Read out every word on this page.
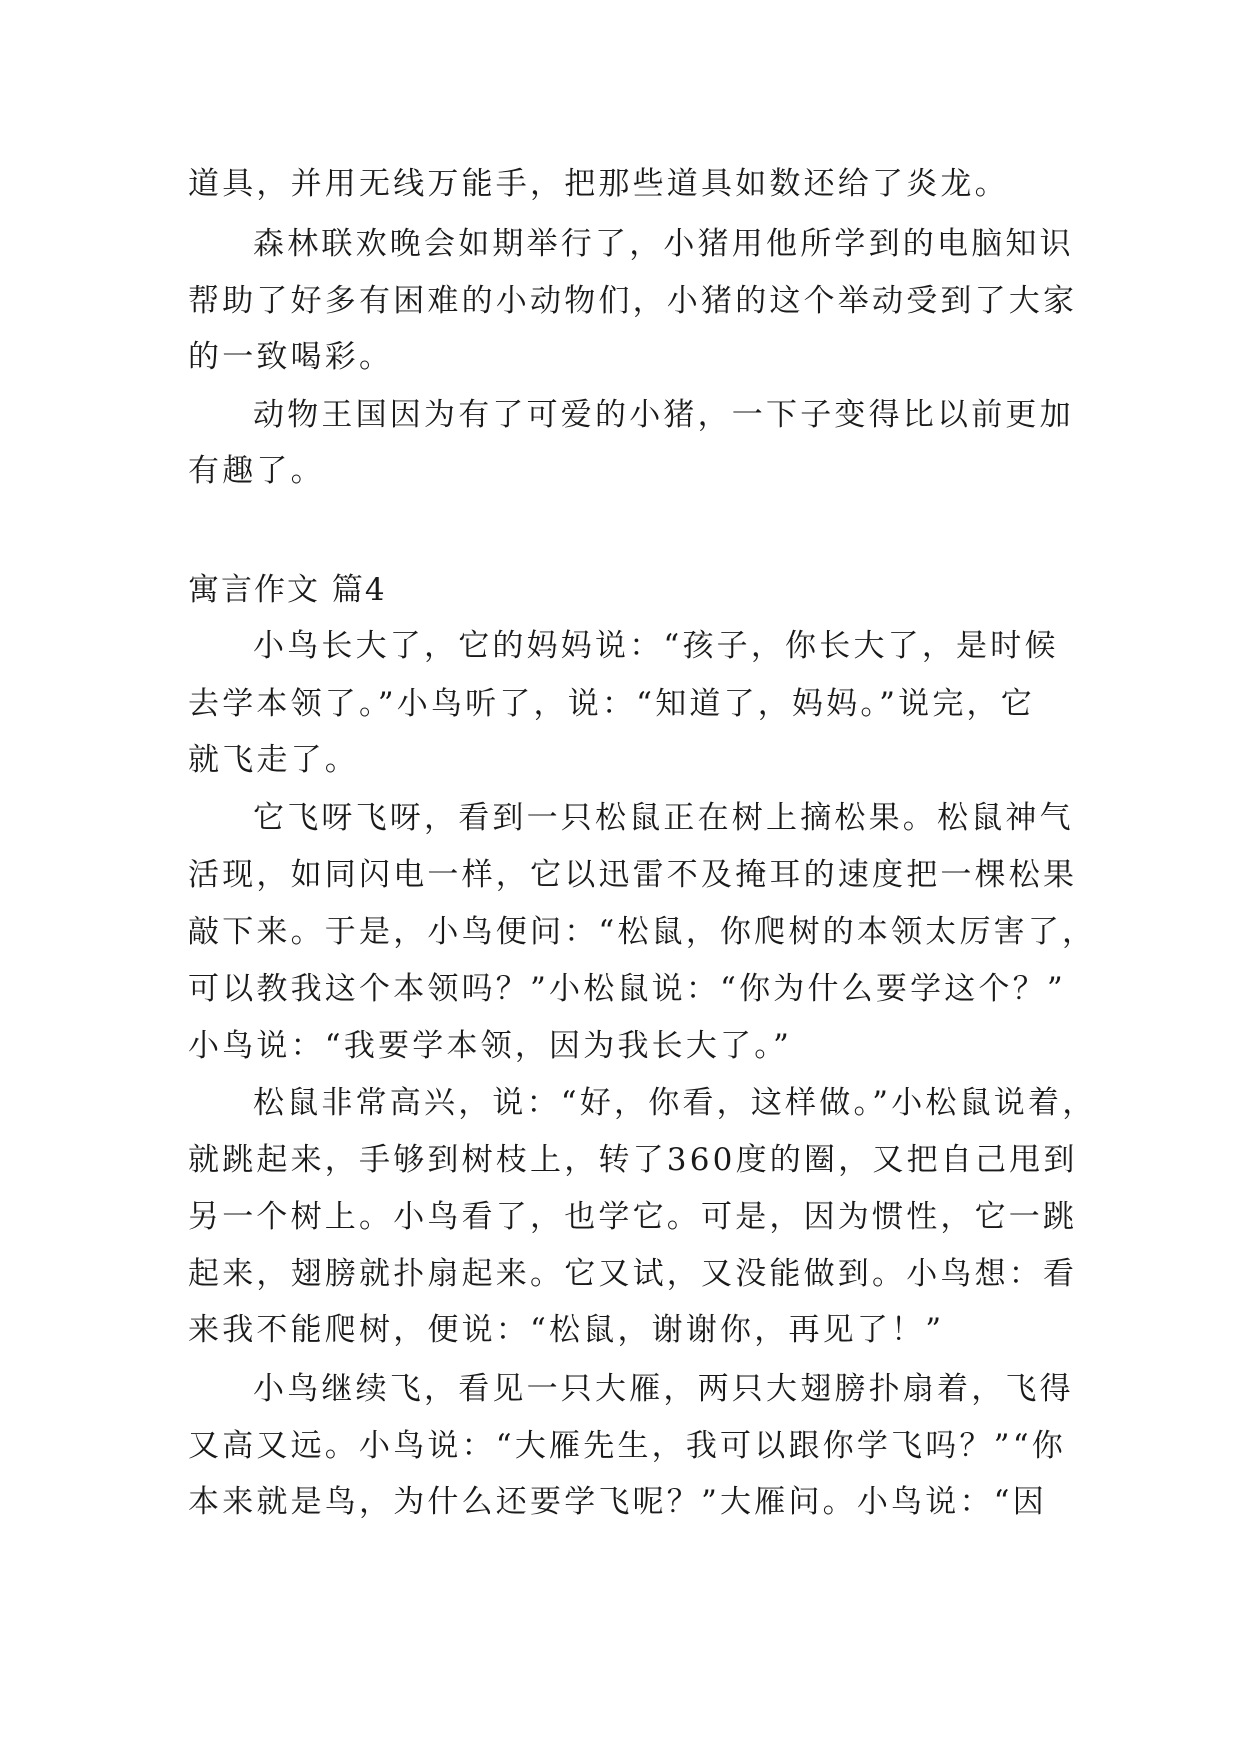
道具，并用无线万能手，把那些道具如数还给了炎龙。
森林联欢晚会如期举行了，小猪用他所学到的电脑知识
帮助了好多有困难的小动物们，小猪的这个举动受到了大家
的一致喝彩。
动物王国因为有了可爱的小猪，一下子变得比以前更加
有趣了。
寓言作文 篇4
小鸟长大了，它的妈妈说：“孩子，你长大了，是时候
去学本领了。”小鸟听了，说：“知道了，妈妈。”说完，它
就飞走了。
它飞呀飞呀，看到一只松鼠正在树上摘松果。松鼠神气
活现，如同闪电一样，它以迅雷不及掩耳的速度把一棵松果
敲下来。于是，小鸟便问：“松鼠，你爬树的本领太厉害了，
可以教我这个本领吗？”小松鼠说：“你为什么要学这个？”
小鸟说：“我要学本领，因为我长大了。”
松鼠非常高兴，说：“好，你看，这样做。”小松鼠说着，
就跳起来，手够到树枝上，转了360度的圈，又把自己甩到
另一个树上。小鸟看了，也学它。可是，因为惯性，它一跳
起来，翅膀就扑扇起来。它又试，又没能做到。小鸟想：看
来我不能爬树，便说：“松鼠，谢谢你，再见了！”
小鸟继续飞，看见一只大雁，两只大翅膀扑扇着，飞得
又高又远。小鸟说：“大雁先生，我可以跟你学飞吗？”“你
本来就是鸟，为什么还要学飞呢？”大雁问。小鸟说：“因
